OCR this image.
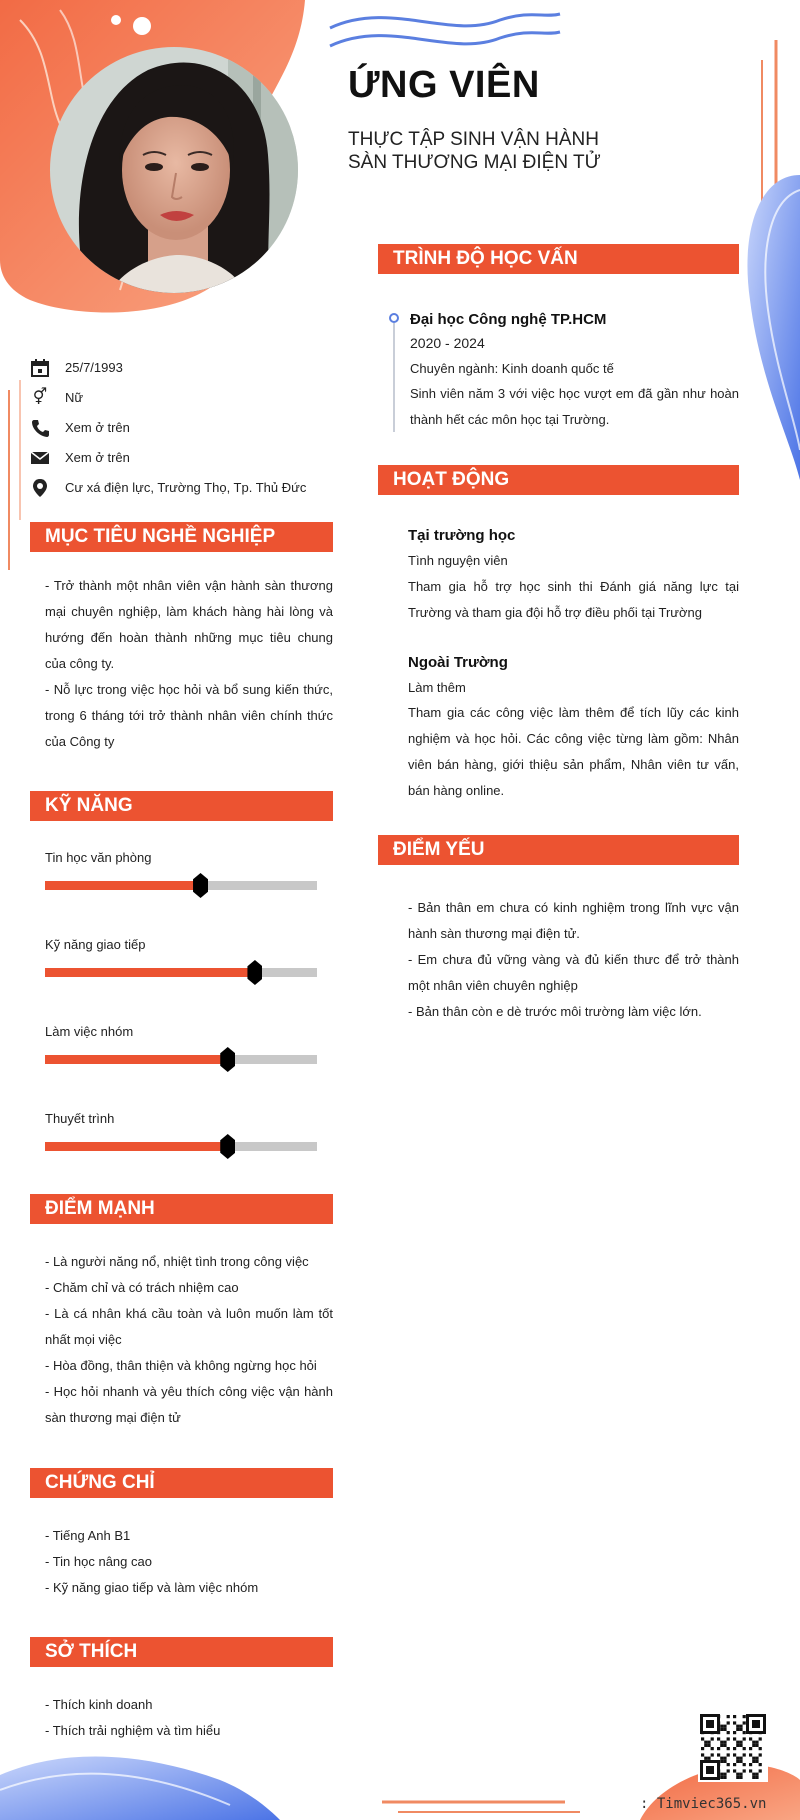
ỨNG VIÊN
THỰC TẬP SINH VẬN HÀNH
SÀN THƯƠNG MẠI ĐIỆN TỬ
25/7/1993
⚥ Nữ
Xem ở trên
Xem ở trên
Cư xá điện lực, Trường Thọ, Tp. Thủ Đức
MỤC TIÊU NGHỀ NGHIỆP

- Trở thành một nhân viên vận hành sàn thương mại chuyên nghiệp, làm khách hàng hài lòng và hướng đến hoàn thành những mục tiêu chung của công ty.

- Nỗ lực trong việc học hỏi và bổ sung kiến thức, trong 6 tháng tới trở thành nhân viên chính thức của Công ty

KỸ NĂNG
Tin học văn phòng
Kỹ năng giao tiếp
Làm việc nhóm
Thuyết trình
ĐIỂM MẠNH

- Là người năng nổ, nhiệt tình trong công việc

- Chăm chỉ và có trách nhiệm cao

- Là cá nhân khá cầu toàn và luôn muốn làm tốt nhất mọi việc

- Hòa đồng, thân thiện và không ngừng học hỏi

- Học hỏi nhanh và yêu thích công việc vận hành sàn thương mại điện tử

CHỨNG CHỈ

- Tiếng Anh B1

- Tin học nâng cao

- Kỹ năng giao tiếp và làm việc nhóm

SỞ THÍCH

- Thích kinh doanh

- Thích trải nghiệm và tìm hiểu

TRÌNH ĐỘ HỌC VẤN
Đại học Công nghệ TP.HCM
2020 - 2024
Chuyên ngành: Kinh doanh quốc tế
Sinh viên năm 3 với việc học vượt em đã gần như hoàn thành hết các môn học tại Trường.
HOẠT ĐỘNG
Tại trường học
Tình nguyện viên
Tham gia hỗ trợ học sinh thi Đánh giá năng lực tại Trường và tham gia đội hỗ trợ điều phối tại Trường
Ngoài Trường
Làm thêm
Tham gia các công việc làm thêm để tích lũy các kinh nghiệm và học hỏi. Các công việc từng làm gồm: Nhân viên bán hàng, giới thiệu sản phẩm, Nhân viên tư vấn, bán hàng online.
ĐIỂM YẾU

- Bản thân em chưa có kinh nghiệm trong lĩnh vực vận hành sàn thương mại điện tử.

- Em chưa đủ vững vàng và đủ kiến thưc để trở thành một nhân viên chuyên nghiệp

- Bản thân còn e dè trước môi trường làm việc lớn.

: Timviec365.vn
